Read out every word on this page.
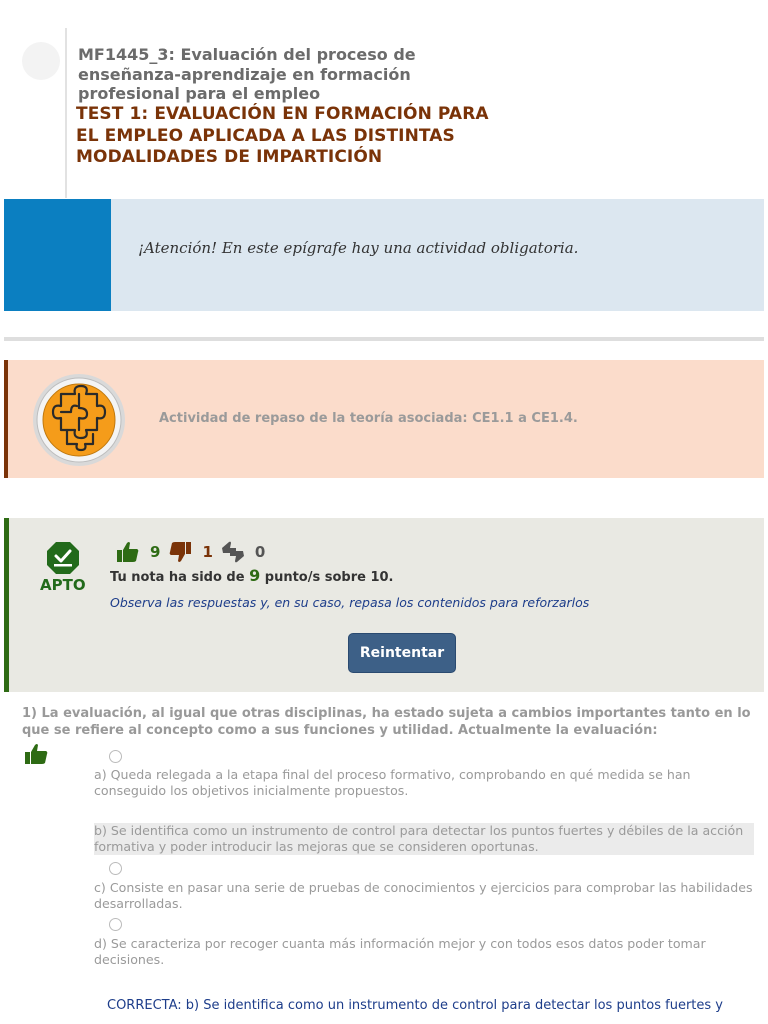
MF1445_3: Evaluación del proceso de enseñanza-aprendizaje en formación profesional para el empleo
TEST 1: EVALUACIÓN EN FORMACIÓN PARA EL EMPLEO APLICADA A LAS DISTINTAS MODALIDADES DE IMPARTICIÓN
¡Atención! En este epígrafe hay una actividad obligatoria.
Actividad de repaso de la teoría asociada: CE1.1 a CE1.4.
APTO
9	1	0
Tu nota ha sido de 9 punto/s sobre 10.
Observa las respuestas y, en su caso, repasa los contenidos para reforzarlos
Reintentar
1) La evaluación, al igual que otras disciplinas, ha estado sujeta a cambios importantes tanto en lo que se refiere al concepto como a sus funciones y utilidad. Actualmente la evaluación:
a) Queda relegada a la etapa final del proceso formativo, comprobando en qué medida se han conseguido los objetivos inicialmente propuestos.
b) Se identifica como un instrumento de control para detectar los puntos fuertes y débiles de la acción formativa y poder introducir las mejoras que se consideren oportunas.
c) Consiste en pasar una serie de pruebas de conocimientos y ejercicios para comprobar las habilidades desarrolladas.
d) Se caracteriza por recoger cuanta más información mejor y con todos esos datos poder tomar decisiones.
CORRECTA: b) Se identifica como un instrumento de control para detectar los puntos fuertes y
